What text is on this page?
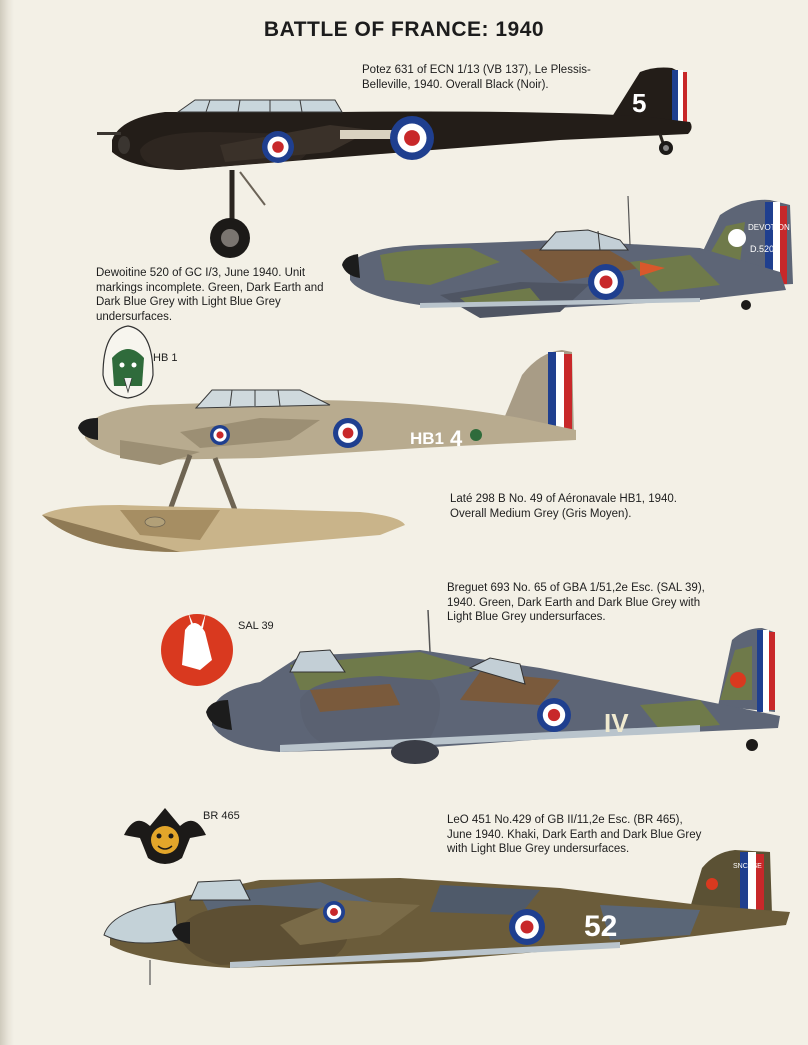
BATTLE OF FRANCE: 1940
Potez 631 of ECN 1/13 (VB 137), Le Plessis-Belleville, 1940. Overall Black (Noir).
Dewoitine 520 of GC I/3, June 1940. Unit markings incomplete. Green, Dark Earth and Dark Blue Grey with Light Blue Grey undersurfaces.
Laté 298 B No. 49 of Aéronavale HB1, 1940. Overall Medium Grey (Gris Moyen).
Breguet 693 No. 65 of GBA 1/51,2e Esc. (SAL 39), 1940. Green, Dark Earth and Dark Blue Grey with Light Blue Grey undersurfaces.
LeO 451 No.429 of GB II/11,2e Esc. (BR 465), June 1940. Khaki, Dark Earth and Dark Blue Grey with Light Blue Grey undersurfaces.
HB 1
SAL 39
BR 465
5
DEVOTION
D.520
HB1 4
IV
SNCASE
52
